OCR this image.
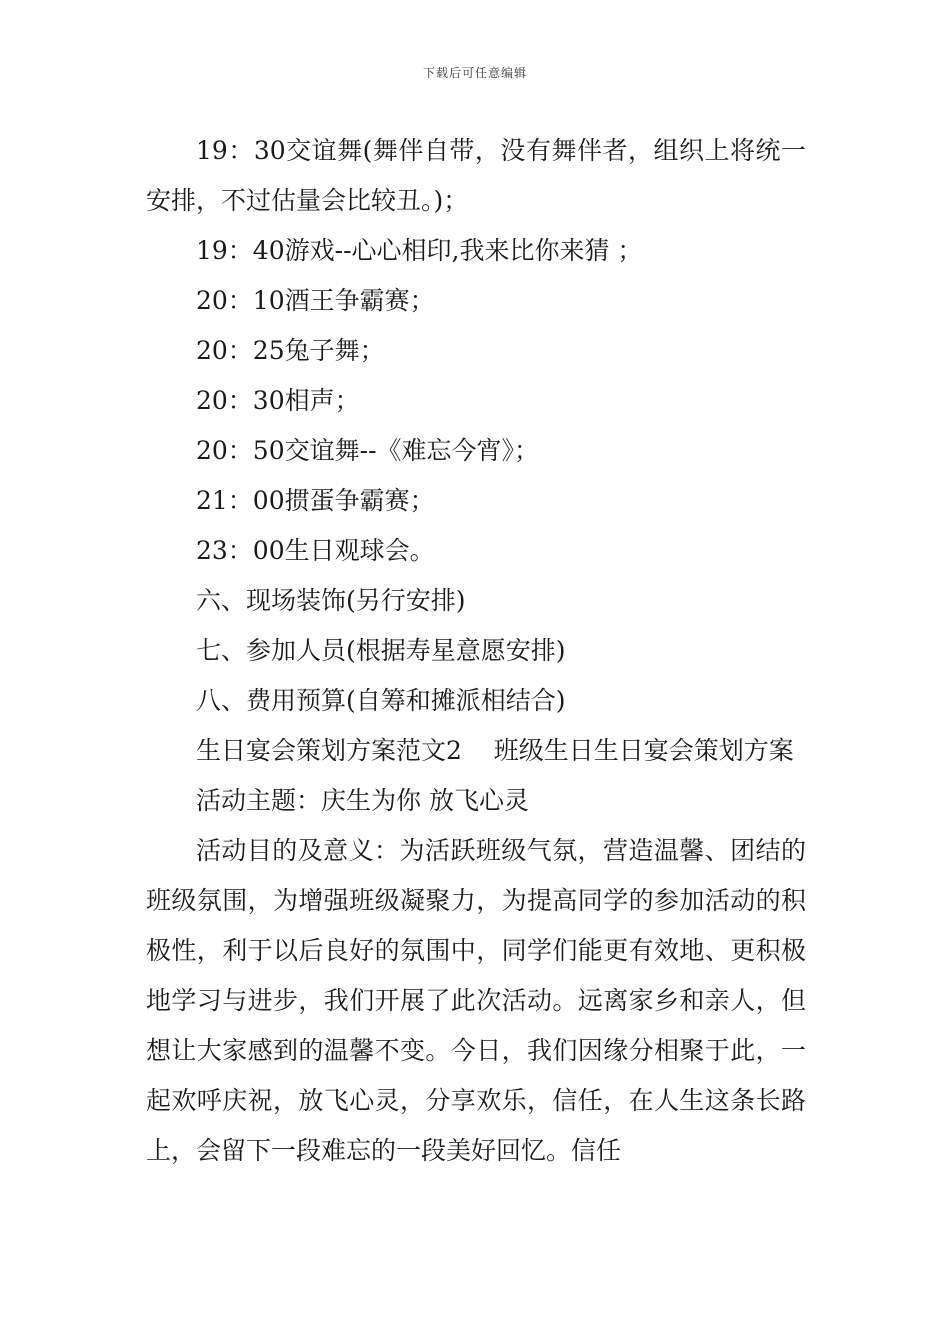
下载后可任意编辑

19：30交谊舞(舞伴自带，没有舞伴者，组织上将统一安排，不过估量会比较丑。)；

19：40游戏--心心相印,我来比你来猜 ；

20：10酒王争霸赛；

20：25兔子舞；

20：30相声；

20：50交谊舞--《难忘今宵》；

21：00掼蛋争霸赛；

23：00生日观球会。

六、现场装饰(另行安排)

七、参加人员(根据寿星意愿安排)

八、费用预算(自筹和摊派相结合)

生日宴会策划方案范文2    班级生日生日宴会策划方案

活动主题：庆生为你 放飞心灵

活动目的及意义：为活跃班级气氛，营造温馨、团结的班级氛围，为增强班级凝聚力，为提高同学的参加活动的积极性，利于以后良好的氛围中，同学们能更有效地、更积极地学习与进步，我们开展了此次活动。远离家乡和亲人，但想让大家感到的温馨不变。今日，我们因缘分相聚于此，一起欢呼庆祝，放飞心灵，分享欢乐，信任，在人生这条长路上，会留下一段难忘的一段美好回忆。信任
